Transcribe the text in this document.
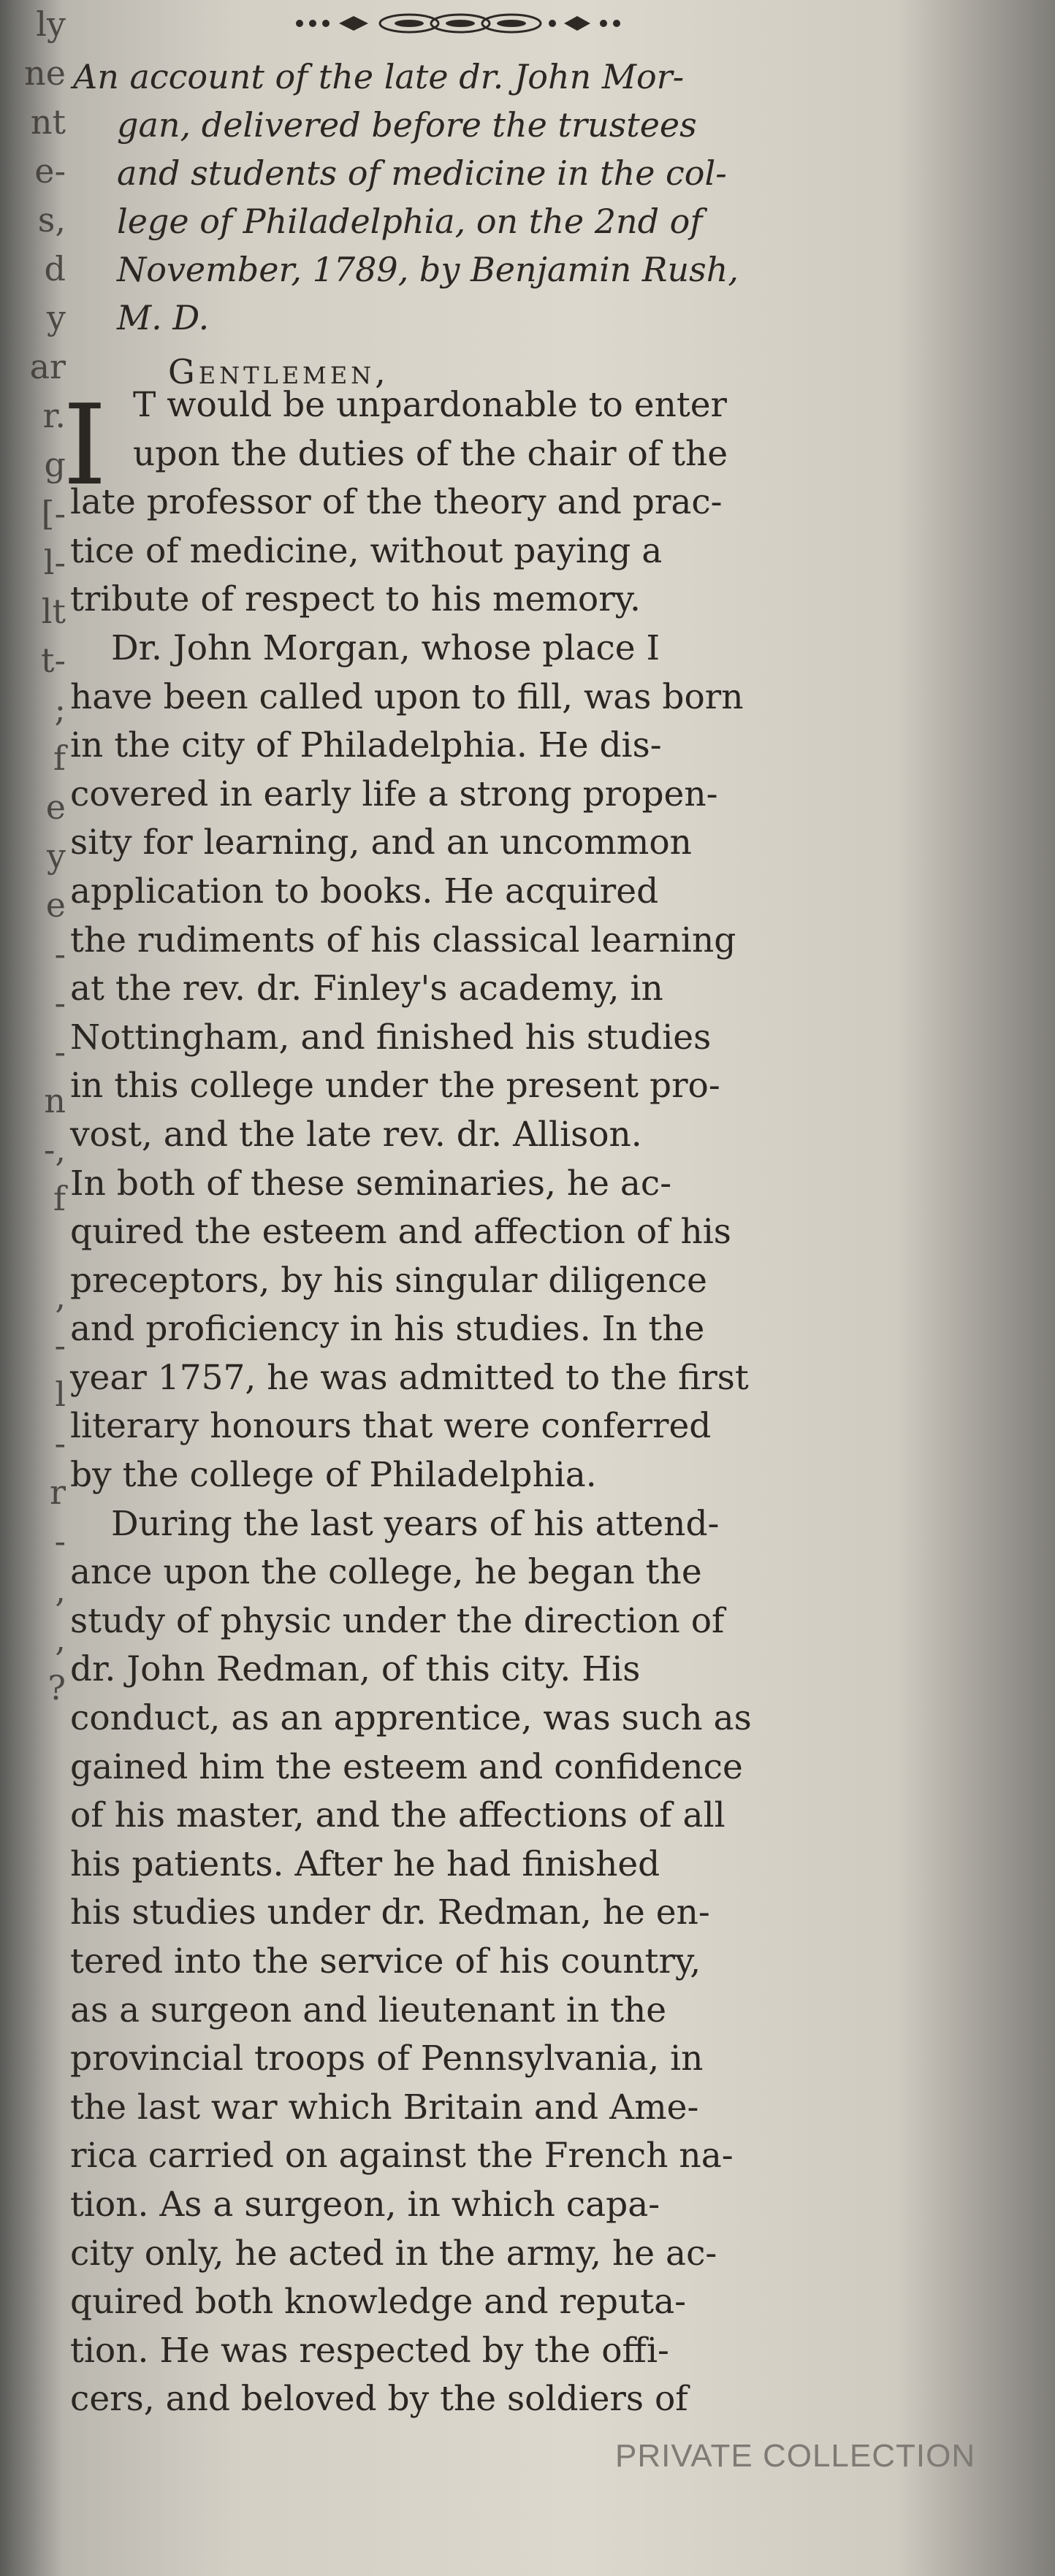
ly
ne
nt
e-
s,
d
y
ar
r.
g
[-
l-
lt
t-
;
f
e
y
e
-
-
-
n
-,
f
,
-
l
-
r
-
,
,
?
An account of the late dr. John Mor-
gan, delivered before the trustees
and students of medicine in the col-
lege of Philadelphia, on the 2nd of
November, 1789, by Benjamin Rush,
M. D.

Gentlemen,

I T would be unpardonable to enter
upon the duties of the chair of the
late professor of the theory and prac-
tice of medicine, without paying a
tribute of respect to his memory.
Dr. John Morgan, whose place I
have been called upon to fill, was born
in the city of Philadelphia. He dis-
covered in early life a strong propen-
sity for learning, and an uncommon
application to books. He acquired
the rudiments of his classical learning
at the rev. dr. Finley's academy, in
Nottingham, and finished his studies
in this college under the present pro-
vost, and the late rev. dr. Allison.
In both of these seminaries, he ac-
quired the esteem and affection of his
preceptors, by his singular diligence
and proficiency in his studies. In the
year 1757, he was admitted to the first
literary honours that were conferred
by the college of Philadelphia.
During the last years of his attend-
ance upon the college, he began the
study of physic under the direction of
dr. John Redman, of this city. His
conduct, as an apprentice, was such as
gained him the esteem and confidence
of his master, and the affections of all
his patients. After he had finished
his studies under dr. Redman, he en-
tered into the service of his country,
as a surgeon and lieutenant in the
provincial troops of Pennsylvania, in
the last war which Britain and Ame-
rica carried on against the French na-
tion. As a surgeon, in which capa-
city only, he acted in the army, he ac-
quired both knowledge and reputa-
tion. He was respected by the offi-
cers, and beloved by the soldiers of
PRIVATE COLLECTION
